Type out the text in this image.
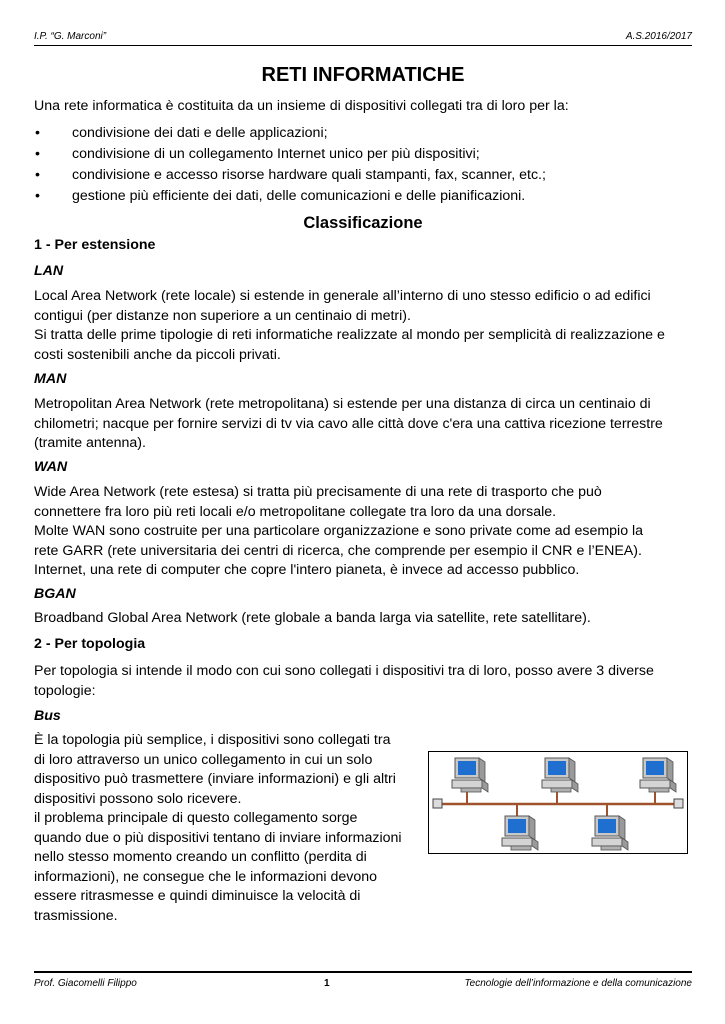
I.P. “G. Marconi”	A.S.2016/2017
RETI INFORMATICHE
Una rete informatica è costituita da un insieme di dispositivi collegati tra di loro per la:
• condivisione dei dati e delle applicazioni;
• condivisione di un collegamento Internet unico per più dispositivi;
• condivisione e accesso risorse hardware quali stampanti, fax, scanner, etc.;
• gestione più efficiente dei dati, delle comunicazioni e delle pianificazioni.
Classificazione
1 - Per estensione
LAN
Local Area Network (rete locale) si estende in generale all’interno di uno stesso edificio o ad edifici
contigui (per distanze non superiore a un centinaio di metri).
Si tratta delle prime tipologie di reti informatiche realizzate al mondo per semplicità di realizzazione e
costi sostenibili anche da piccoli privati.
MAN
Metropolitan Area Network (rete metropolitana) si estende per una distanza di circa un centinaio di
chilometri; nacque per fornire servizi di tv via cavo alle città dove c'era una cattiva ricezione terrestre
(tramite antenna).
WAN
Wide Area Network (rete estesa) si tratta più precisamente di una rete di trasporto che può
connettere fra loro più reti locali e/o metropolitane collegate tra loro da una dorsale.
Molte WAN sono costruite per una particolare organizzazione e sono private come ad esempio la
rete GARR (rete universitaria dei centri di ricerca, che comprende per esempio il CNR e l’ENEA).
Internet, una rete di computer che copre l'intero pianeta, è invece ad accesso pubblico.
BGAN
Broadband Global Area Network (rete globale a banda larga via satellite, rete satellitare).
2 - Per topologia
Per topologia si intende il modo con cui sono collegati i dispositivi tra di loro, posso avere 3 diverse
topologie:
Bus
È la topologia più semplice, i dispositivi sono collegati tra
di loro attraverso un unico collegamento in cui un solo
dispositivo può trasmettere (inviare informazioni) e gli altri
dispositivi possono solo ricevere.
il problema principale di questo collegamento sorge
quando due o più dispositivi tentano di inviare informazioni
nello stesso momento creando un conflitto (perdita di
informazioni), ne consegue che le informazioni devono
essere ritrasmesse e quindi diminuisce la velocità di
trasmissione.
Prof. Giacomelli Filippo	1	Tecnologie dell’informazione e della comunicazione
